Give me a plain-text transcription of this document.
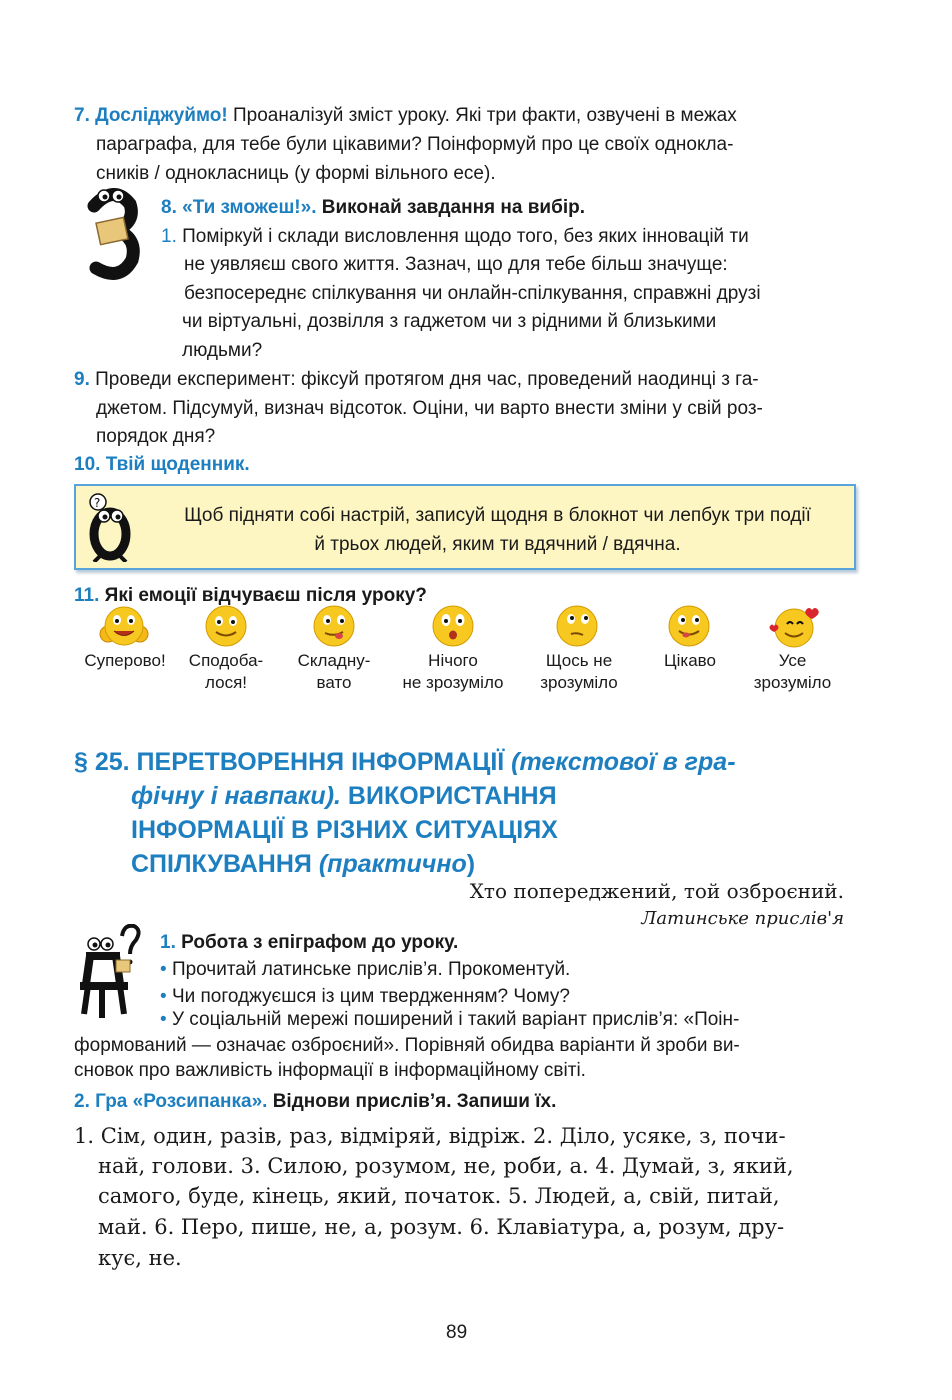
7. Досліджуймо! Проаналізуй зміст уроку. Які три факти, озвучені в межах
параграфа, для тебе були цікавими? Поінформуй про це своїх однокла-
сників / однокласниць (у формі вільного есе).
8. «Ти зможеш!». Виконай завдання на вибір.
1. Поміркуй і склади висловлення щодо того, без яких інновацій ти
не уявляєш свого життя. Зазнач, що для тебе більш значуще:
безпосереднє спілкування чи онлайн-спілкування, справжні друзі
чи віртуальні, дозвілля з гаджетом чи з рідними й близькими
людьми?
9. Проведи експеримент: фіксуй протягом дня час, проведений наодинці з га-
джетом. Підсумуй, визнач відсоток. Оціни, чи варто внести зміни у свій роз-
порядок дня?
10. Твій щоденник.
?
Щоб підняти собі настрій, записуй щодня в блокнот чи лепбук три події
й трьох людей, яким ти вдячний / вдячна.
11. Які емоції відчуваєш після уроку?
Суперово!	Сподоба-
лося!
Складну-
вато
Нічого
не зрозуміло
Щось не
зрозуміло
Цікаво	Усе
зрозуміло
§ 25. ПЕРЕТВОРЕННЯ ІНФОРМАЦІЇ (текстової в гра-
фічну і навпаки). ВИКОРИСТАННЯ
ІНФОРМАЦІЇ В РІЗНИХ СИТУАЦІЯХ
СПІЛКУВАННЯ (практично)
Хто попереджений, той озброєний.
Латинське прислів'я
1. Робота з епіграфом до уроку.
• Прочитай латинське прислів’я. Прокоментуй.
• Чи погоджуєшся із цим твердженням? Чому?
• У соціальній мережі поширений і такий варіант прислів’я: «Поін-
формований — означає озброєний». Порівняй обидва варіанти й зроби ви-
сновок про важливість інформації в інформаційному світі.
2. Гра «Розсипанка». Віднови прислів’я. Запиши їх.
1. Сім, один, разів, раз, відміряй, відріж. 2. Діло, усяке, з, почи-
най, голови. 3. Силою, розумом, не, роби, а. 4. Думай, з, який,
самого, буде, кінець, який, початок. 5. Людей, а, свій, питай,
май. 6. Перо, пише, не, а, розум. 6. Клавіатура, а, розум, дру-
кує, не.
89
